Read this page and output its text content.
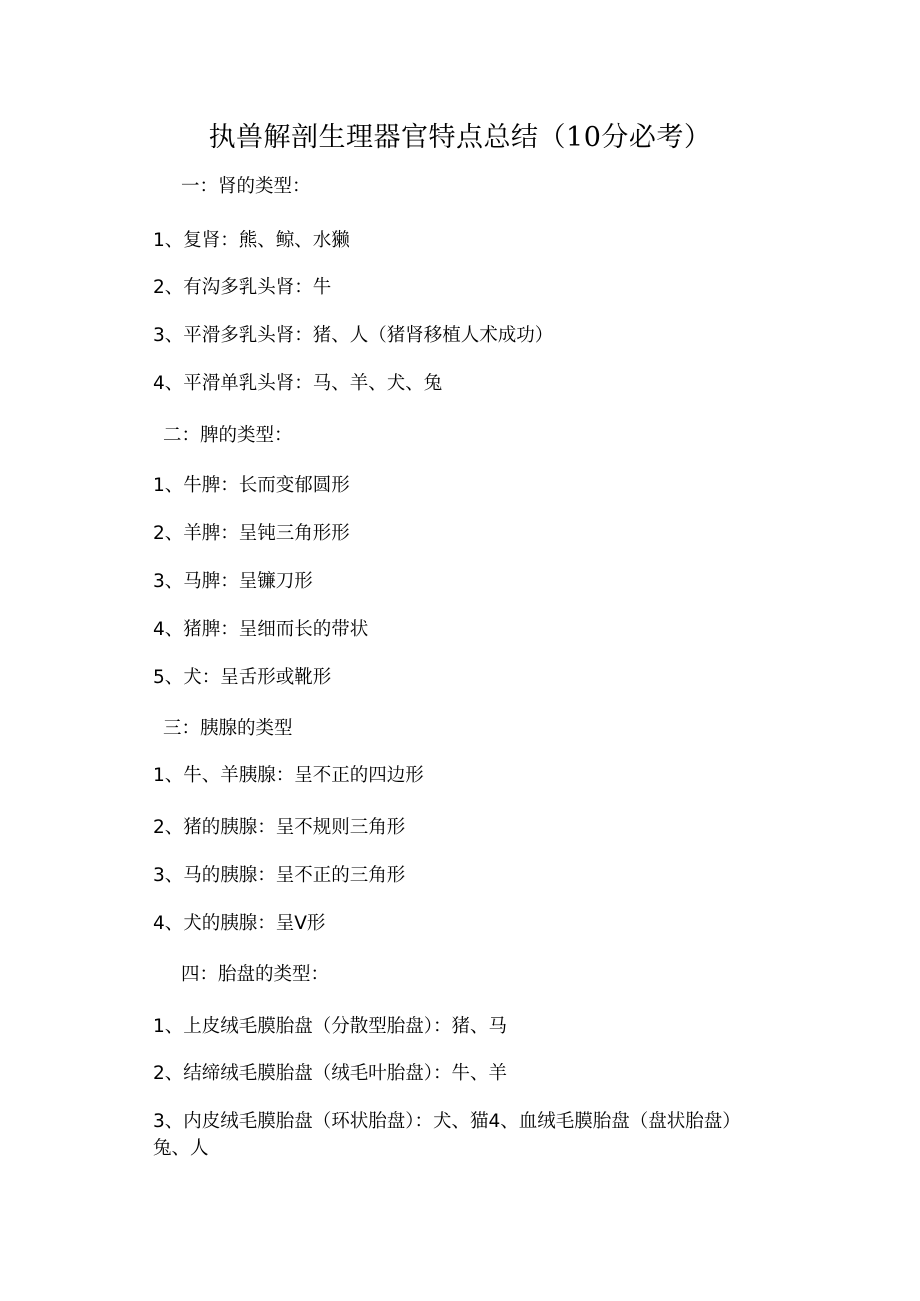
执兽解剖生理器官特点总结（10分必考）
一：肾的类型：
1、复肾：熊、鲸、水獭
2、有沟多乳头肾：牛
3、平滑多乳头肾：猪、人（猪肾移植人术成功）
4、平滑单乳头肾：马、羊、犬、兔
二：脾的类型：
1、牛脾：长而变郁圆形
2、羊脾：呈钝三角形形
3、马脾：呈镰刀形
4、猪脾：呈细而长的带状
5、犬：呈舌形或靴形
三：胰腺的类型
1、牛、羊胰腺：呈不正的四边形
2、猪的胰腺：呈不规则三角形
3、马的胰腺：呈不正的三角形
4、犬的胰腺：呈V形
四：胎盘的类型：
1、上皮绒毛膜胎盘（分散型胎盘）：猪、马
2、结缔绒毛膜胎盘（绒毛叶胎盘）：牛、羊
3、内皮绒毛膜胎盘（环状胎盘）：犬、猫4、血绒毛膜胎盘（盘状胎盘）兔、人
